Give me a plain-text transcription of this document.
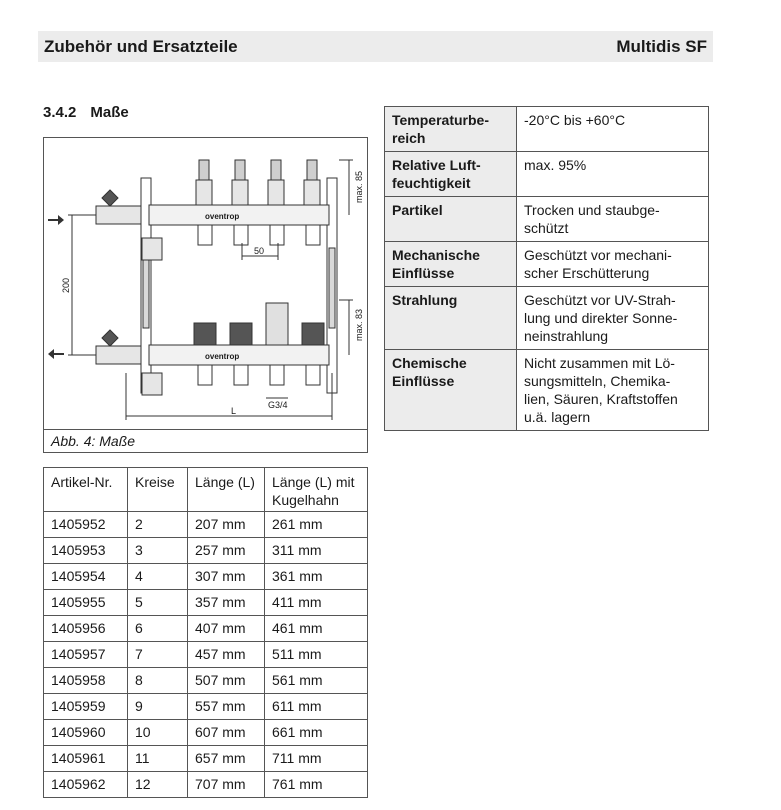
Zubehör und Ersatzteile	Multidis SF
3.4.2 Maße
oventrop
oventrop
50
G3/4
L
200
max. 85
max. 83
Abb. 4: Maße
Temperaturbe-
reich	-20°C bis +60°C
Relative Luft-
feuchtigkeit	max. 95%
Partikel	Trocken und staubge-
schützt
Mechanische
Einflüsse	Geschützt vor mechani-
scher Erschütterung
Strahlung	Geschützt vor UV-Strah-
lung und direkter Sonne-
neinstrahlung
Chemische
Einflüsse	Nicht zusammen mit Lö-
sungsmitteln, Chemika-
lien, Säuren, Kraftstoffen
u.ä. lagern
Artikel-Nr.	Kreise	Länge (L)	Länge (L) mit
Kugelhahn
1405952	2	207 mm	261 mm
1405953	3	257 mm	311 mm
1405954	4	307 mm	361 mm
1405955	5	357 mm	411 mm
1405956	6	407 mm	461 mm
1405957	7	457 mm	511 mm
1405958	8	507 mm	561 mm
1405959	9	557 mm	611 mm
1405960	10	607 mm	661 mm
1405961	11	657 mm	711 mm
1405962	12	707 mm	761 mm
